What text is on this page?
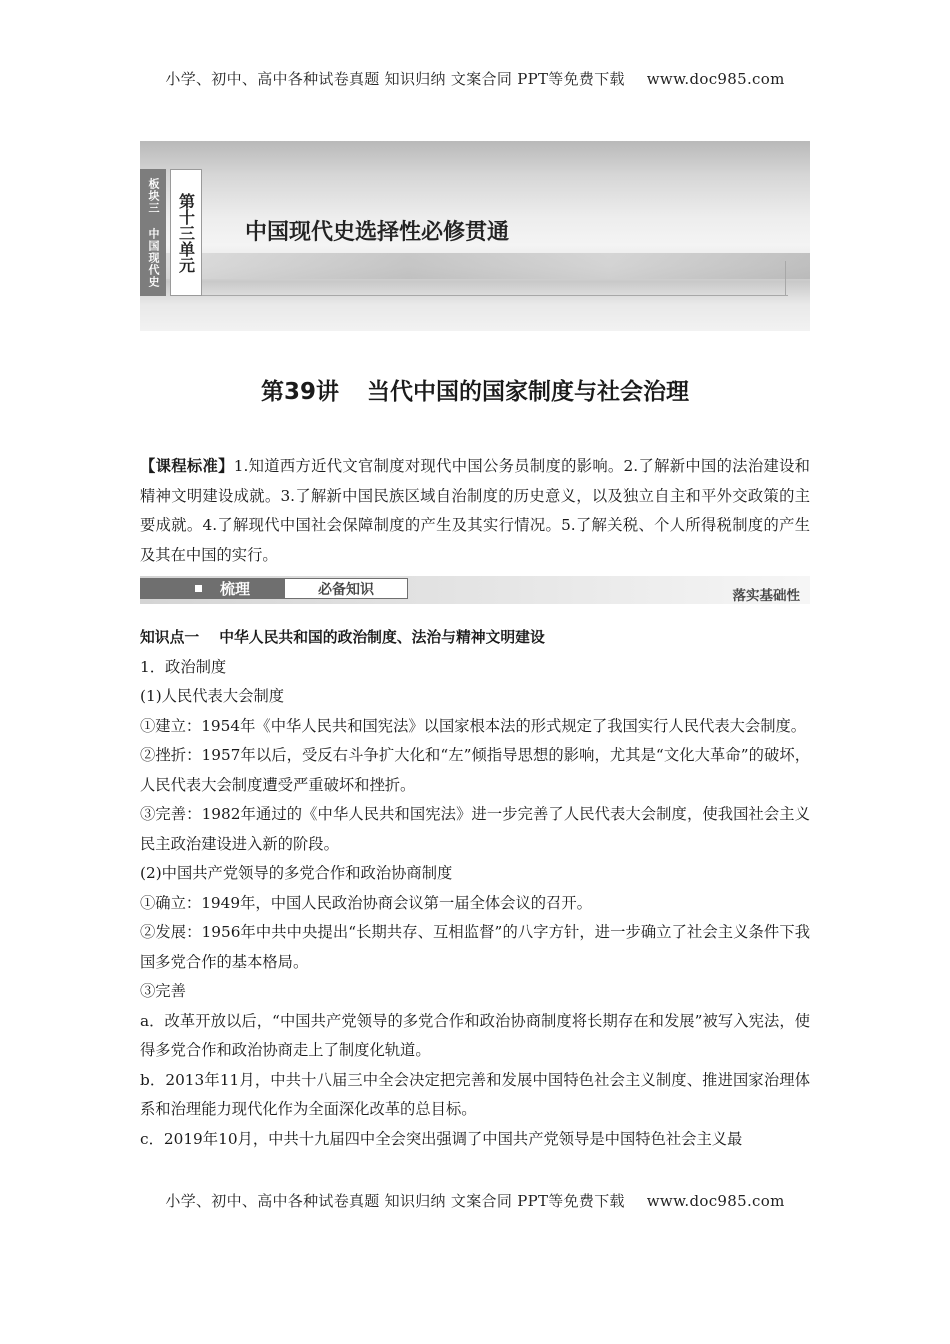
小学、初中、高中各种试卷真题 知识归纳 文案合同 PPT等免费下载 www.doc985.com
板块三 中国现代史	第十三单元 中国现代史选择性必修贯通
第39讲 当代中国的国家制度与社会治理
【课程标准】1.知道西方近代文官制度对现代中国公务员制度的影响。2.了解新中国的法治建设和精神文明建设成就。3.了解新中国民族区域自治制度的历史意义，以及独立自主和平外交政策的主要成就。4.了解现代中国社会保障制度的产生及其实行情况。5.了解关税、个人所得税制度的产生及其在中国的实行。
梳理	必备知识	落实基础性

知识点一 中华人民共和国的政治制度、法治与精神文明建设

1．政治制度

(1)人民代表大会制度

①建立：1954年《中华人民共和国宪法》以国家根本法的形式规定了我国实行人民代表大会制度。

②挫折：1957年以后，受反右斗争扩大化和“左”倾指导思想的影响，尤其是“文化大革命”的破坏，人民代表大会制度遭受严重破坏和挫折。

③完善：1982年通过的《中华人民共和国宪法》进一步完善了人民代表大会制度，使我国社会主义民主政治建设进入新的阶段。

(2)中国共产党领导的多党合作和政治协商制度

①确立：1949年，中国人民政治协商会议第一届全体会议的召开。

②发展：1956年中共中央提出“长期共存、互相监督”的八字方针，进一步确立了社会主义条件下我国多党合作的基本格局。

③完善

a．改革开放以后，“中国共产党领导的多党合作和政治协商制度将长期存在和发展”被写入宪法，使得多党合作和政治协商走上了制度化轨道。

b．2013年11月，中共十八届三中全会决定把完善和发展中国特色社会主义制度、推进国家治理体系和治理能力现代化作为全面深化改革的总目标。

c．2019年10月，中共十九届四中全会突出强调了中国共产党领导是中国特色社会主义最

小学、初中、高中各种试卷真题 知识归纳 文案合同 PPT等免费下载 www.doc985.com
